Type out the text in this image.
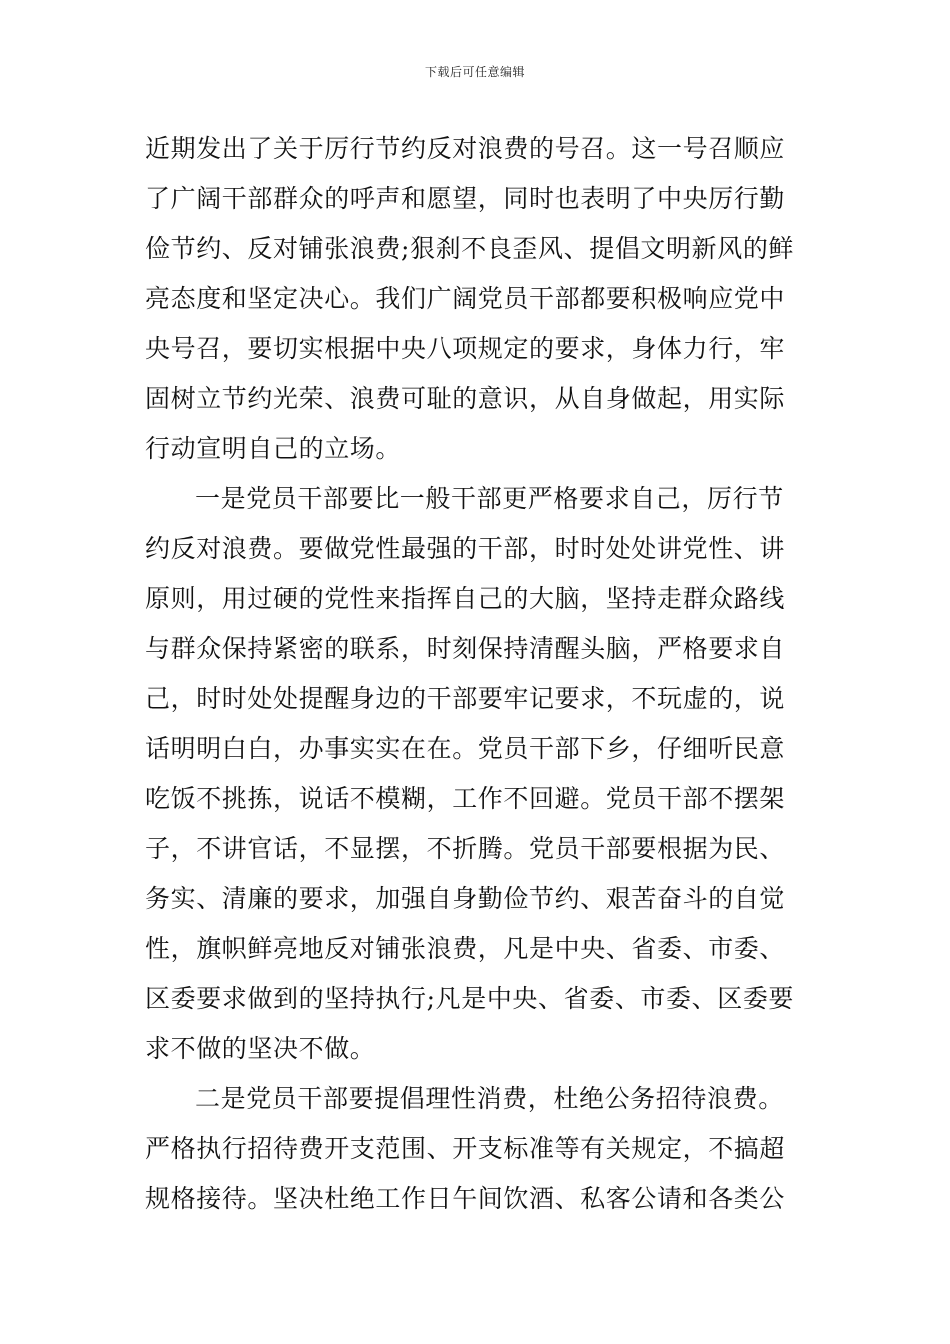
下载后可任意编辑
近期发出了关于厉行节约反对浪费的号召。这一号召顺应
了广阔干部群众的呼声和愿望，同时也表明了中央厉行勤
俭节约、反对铺张浪费;狠刹不良歪风、提倡文明新风的鲜
亮态度和坚定决心。我们广阔党员干部都要积极响应党中
央号召，要切实根据中央八项规定的要求，身体力行，牢
固树立节约光荣、浪费可耻的意识，从自身做起，用实际
行动宣明自己的立场。
一是党员干部要比一般干部更严格要求自己，厉行节
约反对浪费。要做党性最强的干部，时时处处讲党性、讲
原则，用过硬的党性来指挥自己的大脑，坚持走群众路线
与群众保持紧密的联系，时刻保持清醒头脑，严格要求自
己，时时处处提醒身边的干部要牢记要求，不玩虚的，说
话明明白白，办事实实在在。党员干部下乡，仔细听民意
吃饭不挑拣，说话不模糊，工作不回避。党员干部不摆架
子，不讲官话，不显摆，不折腾。党员干部要根据为民、
务实、清廉的要求，加强自身勤俭节约、艰苦奋斗的自觉
性，旗帜鲜亮地反对铺张浪费，凡是中央、省委、市委、
区委要求做到的坚持执行;凡是中央、省委、市委、区委要
求不做的坚决不做。
二是党员干部要提倡理性消费，杜绝公务招待浪费。
严格执行招待费开支范围、开支标准等有关规定，不搞超
规格接待。坚决杜绝工作日午间饮酒、私客公请和各类公
